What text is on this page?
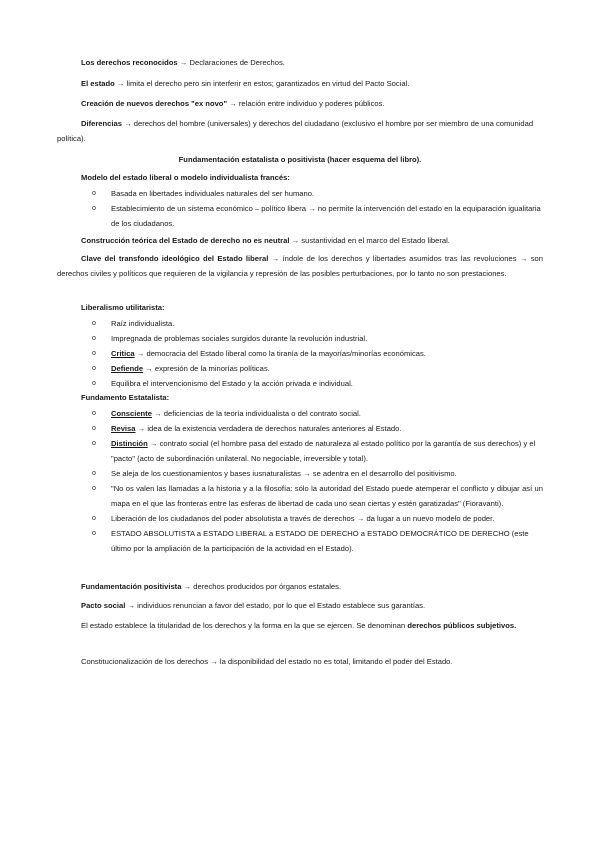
Los derechos reconocidos → Declaraciones de Derechos.
El estado → limita el derecho pero sin interferir en estos; garantizados en virtud del Pacto Social.
Creación de nuevos derechos "ex novo" → relación entre individuo y poderes públicos.
Diferencias → derechos del hombre (universales) y derechos del ciudadano (exclusivo el hombre por ser miembro de una comunidad política).
Fundamentación estatalista o positivista (hacer esquema del libro).
Modelo del estado liberal o modelo individualista francés:
o Basada en libertades individuales naturales del ser humano.
o Establecimiento de un sistema económico – político libera → no permite la intervención del estado en la equiparación igualitaria de los ciudadanos.
Construcción teórica del Estado de derecho no es neutral → sustantividad en el marco del Estado liberal.
Clave del transfondo ideológico del Estado liberal → índole de los derechos y libertades asumidos tras las revoluciones → son derechos civiles y políticos que requieren de la vigilancia y represión de las posibles perturbaciones, por lo tanto no son prestaciones.
Liberalismo utilitarista:
o Raíz individualista.
o Impregnada de problemas sociales surgidos durante la revolución industrial.
o Critica → democracia del Estado liberal como la tiranía de la mayorías/minorías económicas.
o Defiende → expresión de la minorías políticas.
o Equilibra el intervencionismo del Estado y la acción privada e individual.
Fundamento Estatalista:
o Consciente → deficiencias de la teoría individualista o del contrato social.
o Revisa → idea de la existencia verdadera de derechos naturales anteriores al Estado.
o Distinción → contrato social (el hombre pasa del estado de naturaleza al estado político por la garantía de sus derechos) y el "pacto" (acto de subordinación unilateral. No negociable, irreversible y total).
o Se aleja de los cuestionamientos y bases iusnaturalistas → se adentra en el desarrollo del positivismo.
o "No os valen las llamadas a la historia y a la filosofía: sólo la autoridad del Estado puede atemperar el conflicto y dibujar así un mapa en el que las fronteras entre las esferas de libertad de cada uno sean ciertas y estén garatizadas" (Fioravanti).
o Liberación de los ciudadanos del poder absolutista a través de derechos → da lugar a un nuevo modelo de poder.
o ESTADO ABSOLUTISTA a ESTADO LIBERAL a ESTADO DE DERECHO a ESTADO DEMOCRÁTICO DE DERECHO (este último por la ampliación de la participación de la actividad en el Estado).
Fundamentación positivista → derechos producidos por órganos estatales.
Pacto social → individuos renuncian a favor del estado, por lo que el Estado establece sus garantías.
El estado establece la titularidad de los derechos y la forma en la que se ejercen. Se denominan derechos públicos subjetivos.
Constitucionalización de los derechos → la disponibilidad del estado no es total, limitando el poder del Estado.
